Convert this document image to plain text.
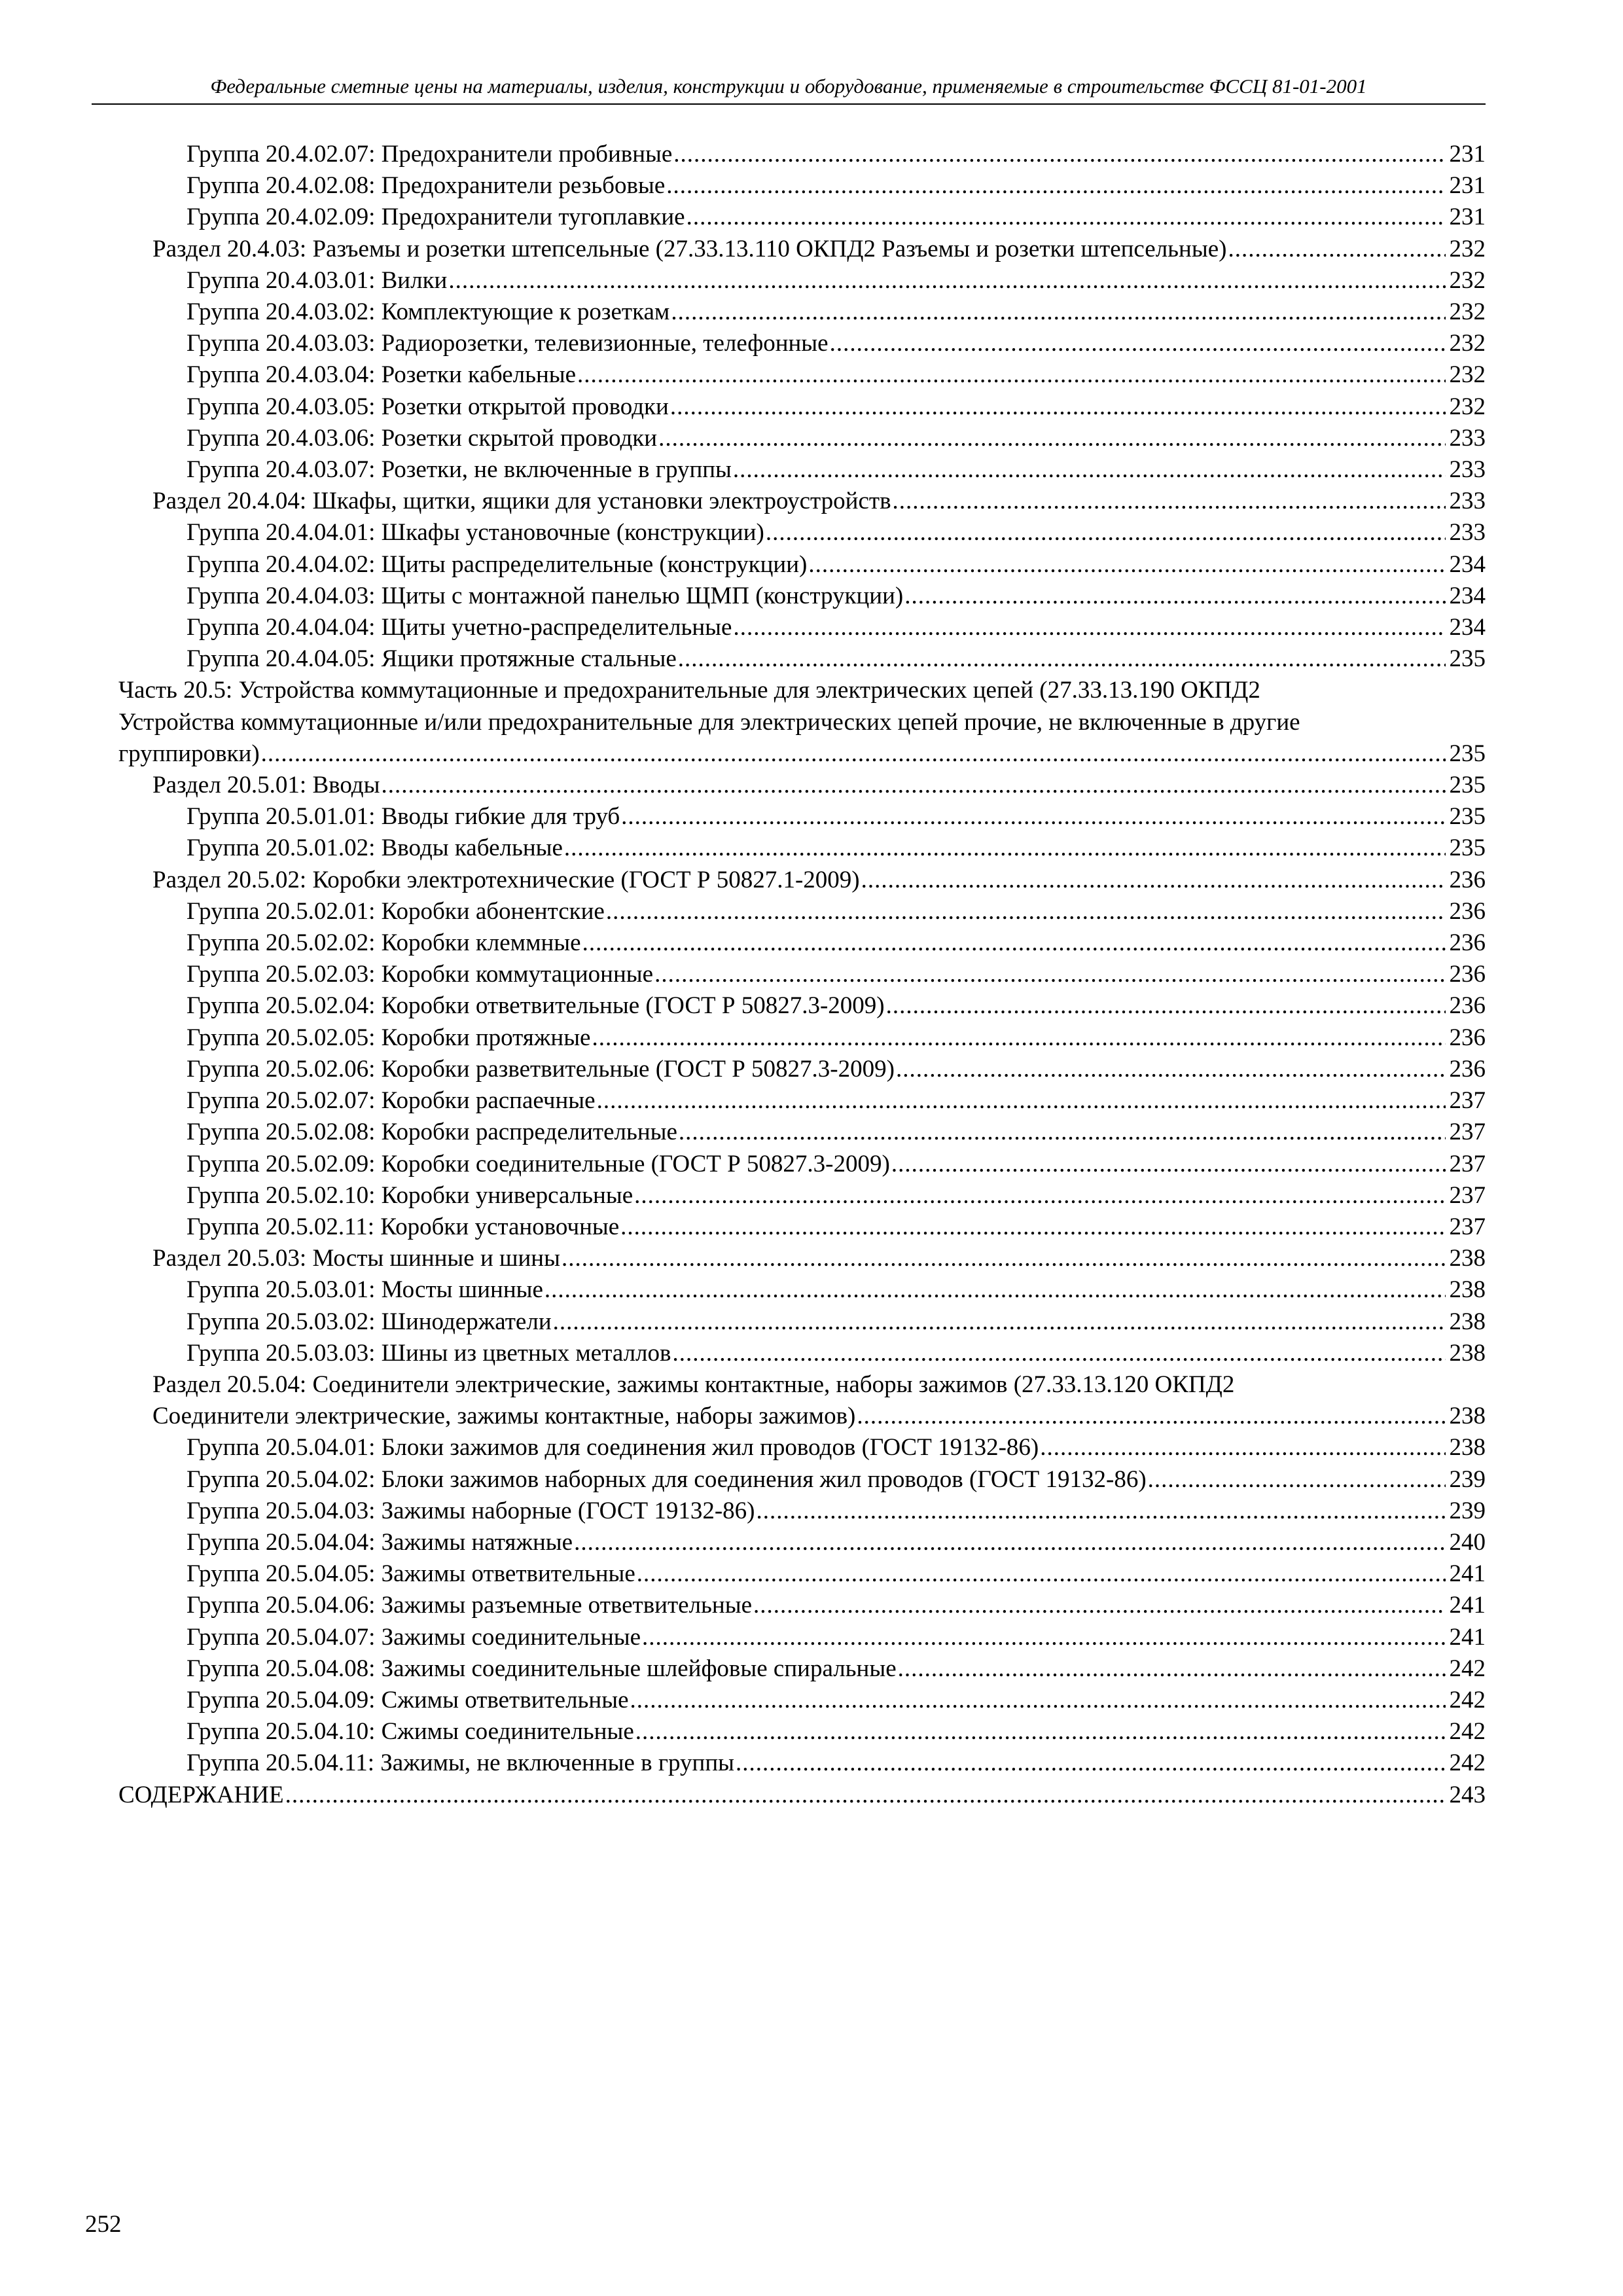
Федеральные сметные цены на материалы, изделия, конструкции и оборудование, применяемые в строительстве ФССЦ 81-01-2001
Группа 20.4.02.07: Предохранители пробивные .....	231
Группа 20.4.02.08: Предохранители резьбовые .....	231
Группа 20.4.02.09: Предохранители тугоплавкие .....	231
Раздел 20.4.03: Разъемы и розетки штепсельные (27.33.13.110 ОКПД2 Разъемы и розетки штепсельные) .....	232
Группа 20.4.03.01: Вилки .....	232
Группа 20.4.03.02: Комплектующие к розеткам .....	232
Группа 20.4.03.03: Радиорозетки, телевизионные, телефонные .....	232
Группа 20.4.03.04: Розетки кабельные .....	232
Группа 20.4.03.05: Розетки открытой проводки .....	232
Группа 20.4.03.06: Розетки скрытой проводки .....	233
Группа 20.4.03.07: Розетки, не включенные в группы .....	233
Раздел 20.4.04: Шкафы, щитки, ящики для установки электроустройств .....	233
Группа 20.4.04.01: Шкафы установочные (конструкции) .....	233
Группа 20.4.04.02: Щиты распределительные (конструкции) .....	234
Группа 20.4.04.03: Щиты с монтажной панелью ЩМП (конструкции) .....	234
Группа 20.4.04.04: Щиты учетно-распределительные .....	234
Группа 20.4.04.05: Ящики протяжные стальные .....	235
Часть 20.5: Устройства коммутационные и предохранительные для электрических цепей (27.33.13.190 ОКПД2
Устройства коммутационные и/или предохранительные для электрических цепей прочие, не включенные в другие
группировки) .....	235
Раздел 20.5.01: Вводы .....	235
Группа 20.5.01.01: Вводы гибкие для труб .....	235
Группа 20.5.01.02: Вводы кабельные .....	235
Раздел 20.5.02: Коробки электротехнические (ГОСТ Р 50827.1-2009) .....	236
Группа 20.5.02.01: Коробки абонентские .....	236
Группа 20.5.02.02: Коробки клеммные .....	236
Группа 20.5.02.03: Коробки коммутационные .....	236
Группа 20.5.02.04: Коробки ответвительные (ГОСТ Р 50827.3-2009) .....	236
Группа 20.5.02.05: Коробки протяжные .....	236
Группа 20.5.02.06: Коробки разветвительные (ГОСТ Р 50827.3-2009) .....	236
Группа 20.5.02.07: Коробки распаечные .....	237
Группа 20.5.02.08: Коробки распределительные .....	237
Группа 20.5.02.09: Коробки соединительные (ГОСТ Р 50827.3-2009) .....	237
Группа 20.5.02.10: Коробки универсальные .....	237
Группа 20.5.02.11: Коробки установочные .....	237
Раздел 20.5.03: Мосты шинные и шины .....	238
Группа 20.5.03.01: Мосты шинные .....	238
Группа 20.5.03.02: Шинодержатели .....	238
Группа 20.5.03.03: Шины из цветных металлов .....	238
Раздел 20.5.04: Соединители электрические, зажимы контактные, наборы зажимов (27.33.13.120 ОКПД2
Соединители электрические, зажимы контактные, наборы зажимов) .....	238
Группа 20.5.04.01: Блоки зажимов для соединения жил проводов (ГОСТ 19132-86) .....	238
Группа 20.5.04.02: Блоки зажимов наборных для соединения жил проводов (ГОСТ 19132-86) .....	239
Группа 20.5.04.03: Зажимы наборные (ГОСТ 19132-86) .....	239
Группа 20.5.04.04: Зажимы натяжные .....	240
Группа 20.5.04.05: Зажимы ответвительные .....	241
Группа 20.5.04.06: Зажимы разъемные ответвительные .....	241
Группа 20.5.04.07: Зажимы соединительные .....	241
Группа 20.5.04.08: Зажимы соединительные шлейфовые спиральные .....	242
Группа 20.5.04.09: Сжимы ответвительные .....	242
Группа 20.5.04.10: Сжимы соединительные .....	242
Группа 20.5.04.11: Зажимы, не включенные в группы .....	242
СОДЕРЖАНИЕ .....	243
252
